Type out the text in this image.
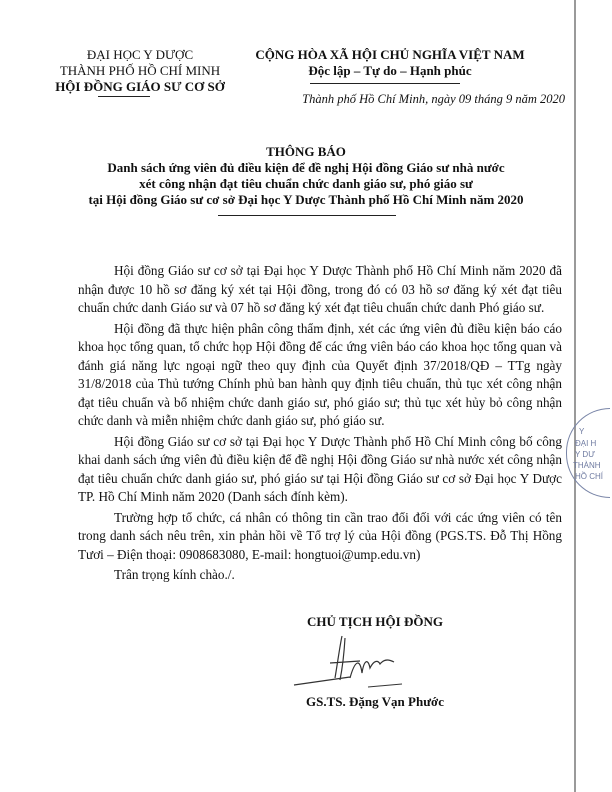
ĐẠI HỌC Y DƯỢC
THÀNH PHỐ HỒ CHÍ MINH
HỘI ĐỒNG GIÁO SƯ CƠ SỞ
CỘNG HÒA XÃ HỘI CHỦ NGHĨA VIỆT NAM
Độc lập – Tự do – Hạnh phúc
Thành phố Hồ Chí Minh, ngày 09 tháng 9 năm 2020
THÔNG BÁO
Danh sách ứng viên đủ điều kiện để đề nghị Hội đồng Giáo sư nhà nước
xét công nhận đạt tiêu chuẩn chức danh giáo sư, phó giáo sư
tại Hội đồng Giáo sư cơ sở Đại học Y Dược Thành phố Hồ Chí Minh năm 2020

Hội đồng Giáo sư cơ sở tại Đại học Y Dược Thành phố Hồ Chí Minh năm 2020 đã nhận được 10 hồ sơ đăng ký xét tại Hội đồng, trong đó có 03 hồ sơ đăng ký xét đạt tiêu chuẩn chức danh Giáo sư và 07 hồ sơ đăng ký xét đạt tiêu chuẩn chức danh Phó giáo sư.

Hội đồng đã thực hiện phân công thẩm định, xét các ứng viên đủ điều kiện báo cáo khoa học tổng quan, tổ chức họp Hội đồng để các ứng viên báo cáo khoa học tổng quan và đánh giá năng lực ngoại ngữ theo quy định của Quyết định 37/2018/QĐ – TTg ngày 31/8/2018 của Thủ tướng Chính phủ ban hành quy định tiêu chuẩn, thủ tục xét công nhận đạt tiêu chuẩn và bổ nhiệm chức danh giáo sư, phó giáo sư; thủ tục xét hủy bỏ công nhận chức danh và miễn nhiệm chức danh giáo sư, phó giáo sư.

Hội đồng Giáo sư cơ sở tại Đại học Y Dược Thành phố Hồ Chí Minh công bố công khai danh sách ứng viên đủ điều kiện để đề nghị Hội đồng Giáo sư nhà nước xét công nhận đạt tiêu chuẩn chức danh giáo sư, phó giáo sư tại Hội đồng Giáo sư cơ sở Đại học Y Dược TP. Hồ Chí Minh năm 2020 (Danh sách đính kèm).

Trường hợp tổ chức, cá nhân có thông tin cần trao đổi đối với các ứng viên có tên trong danh sách nêu trên, xin phản hồi về Tổ trợ lý của Hội đồng (PGS.TS. Đỗ Thị Hồng Tươi – Điện thoại: 0908683080, E-mail: hongtuoi@ump.edu.vn)

Trân trọng kính chào./.

Y
ĐẠI H
Y DƯ
THÀNH
HỒ CHÍ
CHỦ TỊCH HỘI ĐỒNG
GS.TS. Đặng Vạn Phước
